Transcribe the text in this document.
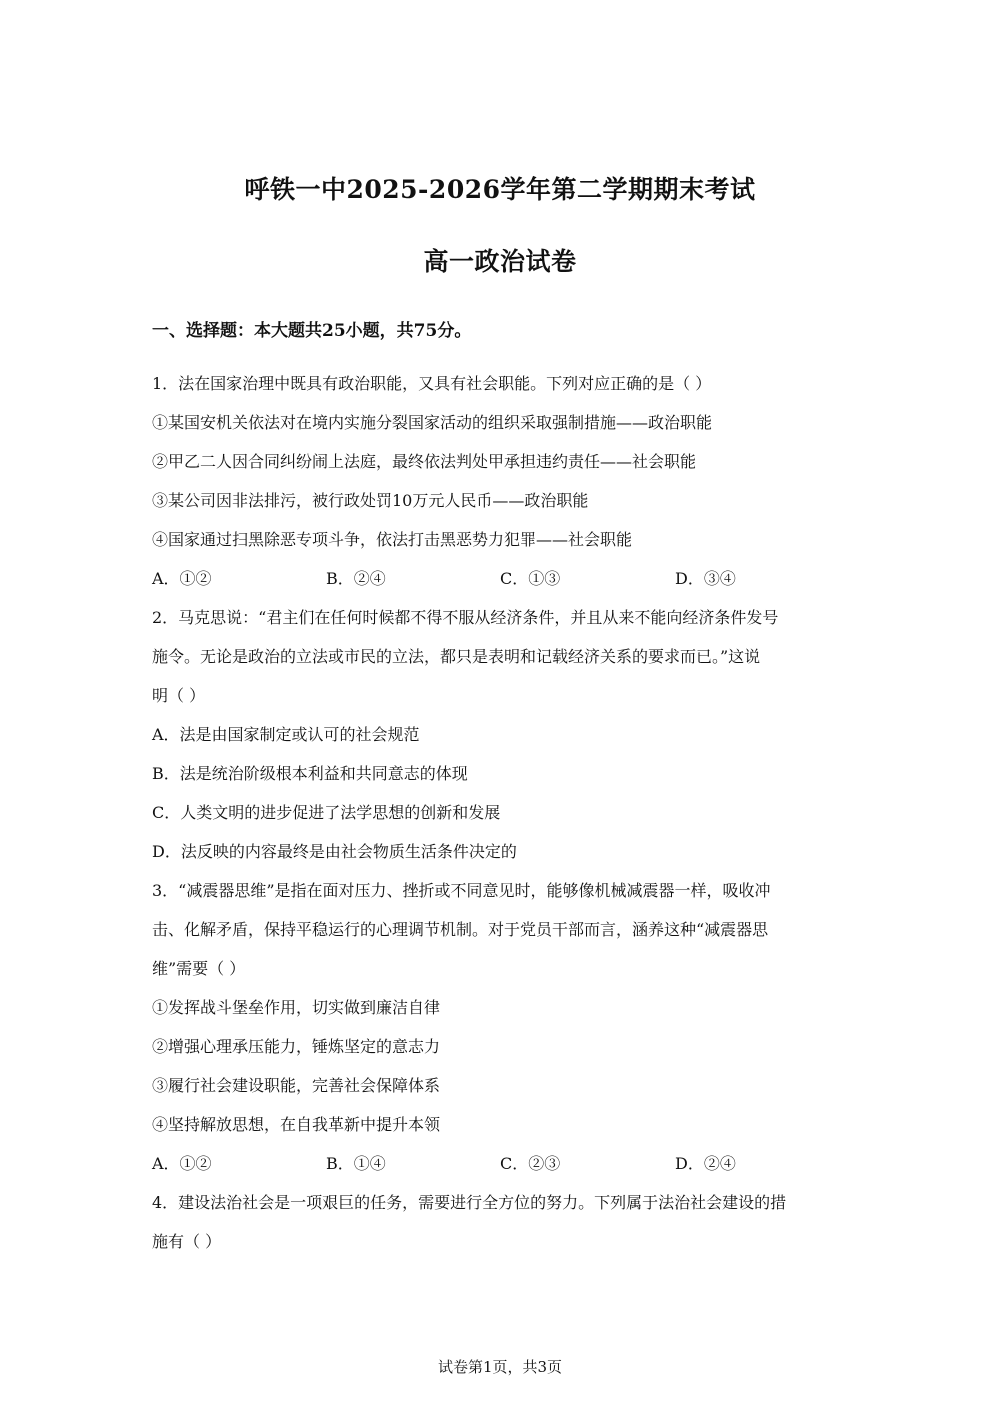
呼铁一中2025-2026学年第二学期期末考试
高一政治试卷
一、选择题：本大题共25小题，共75分。
1．法在国家治理中既具有政治职能，又具有社会职能。下列对应正确的是（ ）
①某国安机关依法对在境内实施分裂国家活动的组织采取强制措施——政治职能
②甲乙二人因合同纠纷闹上法庭，最终依法判处甲承担违约责任——社会职能
③某公司因非法排污，被行政处罚10万元人民币——政治职能
④国家通过扫黑除恶专项斗争，依法打击黑恶势力犯罪——社会职能
A．①②	B．②④	C．①③	D．③④
2．马克思说：“君主们在任何时候都不得不服从经济条件，并且从来不能向经济条件发号
施令。无论是政治的立法或市民的立法，都只是表明和记载经济关系的要求而已。”这说
明（ ）
A．法是由国家制定或认可的社会规范
B．法是统治阶级根本利益和共同意志的体现
C．人类文明的进步促进了法学思想的创新和发展
D．法反映的内容最终是由社会物质生活条件决定的
3．“减震器思维”是指在面对压力、挫折或不同意见时，能够像机械减震器一样，吸收冲
击、化解矛盾，保持平稳运行的心理调节机制。对于党员干部而言，涵养这种“减震器思
维”需要（ ）
①发挥战斗堡垒作用，切实做到廉洁自律
②增强心理承压能力，锤炼坚定的意志力
③履行社会建设职能，完善社会保障体系
④坚持解放思想，在自我革新中提升本领
A．①②	B．①④	C．②③	D．②④
4．建设法治社会是一项艰巨的任务，需要进行全方位的努力。下列属于法治社会建设的措
施有（ ）
试卷第1页，共3页
